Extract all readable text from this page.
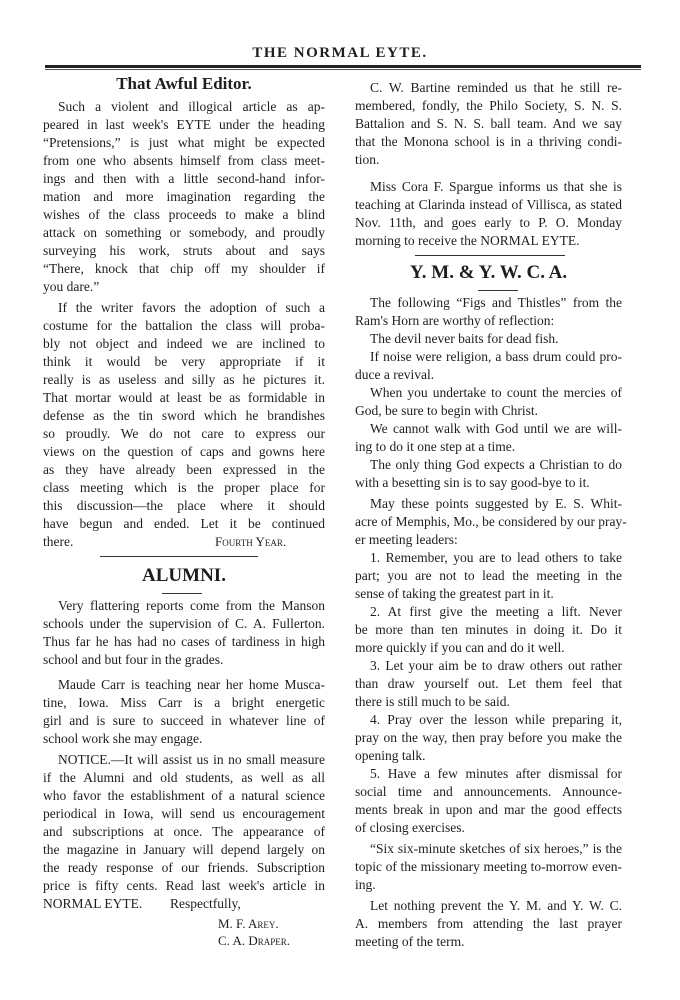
THE NORMAL EYTE.
That Awful Editor.
Such a violent and illogical article as ap-
peared in last week's EYTE under the heading
“Pretensions,” is just what might be expected
from one who absents himself from class meet-
ings and then with a little second-hand infor-
mation and more imagination regarding the
wishes of the class proceeds to make a blind
attack on something or somebody, and proudly
surveying his work, struts about and says
“There, knock that chip off my shoulder if
you dare.”
If the writer favors the adoption of such a
costume for the battalion the class will proba-
bly not object and indeed we are inclined to
think it would be very appropriate if it
really is as useless and silly as he pictures it.
That mortar would at least be as formidable in
defense as the tin sword which he brandishes
so proudly. We do not care to express our
views on the question of caps and gowns here
as they have already been expressed in the
class meeting which is the proper place for
this discussion—the place where it should
have begun and ended. Let it be continued
there.	Fourth Year.
ALUMNI.
Very flattering reports come from the Manson
schools under the supervision of C. A. Fullerton.
Thus far he has had no cases of tardiness in high
school and but four in the grades.
Maude Carr is teaching near her home Musca-
tine, Iowa. Miss Carr is a bright energetic
girl and is sure to succeed in whatever line of
school work she may engage.
NOTICE.—It will assist us in no small measure
if the Alumni and old students, as well as all
who favor the establishment of a natural science
periodical in Iowa, will send us encouragement
and subscriptions at once. The appearance of
the magazine in January will depend largely on
the ready response of our friends. Subscription
price is fifty cents. Read last week's article in
NORMAL EYTE.	Respectfully,
M. F. Arey.
C. A. Draper.
C. W. Bartine reminded us that he still re-
membered, fondly, the Philo Society, S. N. S.
Battalion and S. N. S. ball team. And we say
that the Monona school is in a thriving condi-
tion.
Miss Cora F. Spargue informs us that she is
teaching at Clarinda instead of Villisca, as stated
Nov. 11th, and goes early to P. O. Monday
morning to receive the NORMAL EYTE.
Y. M. & Y. W. C. A.
The following “Figs and Thistles” from the
Ram's Horn are worthy of reflection:
The devil never baits for dead fish.
If noise were religion, a bass drum could pro-
duce a revival.
When you undertake to count the mercies of
God, be sure to begin with Christ.
We cannot walk with God until we are will-
ing to do it one step at a time.
The only thing God expects a Christian to do
with a besetting sin is to say good-bye to it.
May these points suggested by E. S. Whit-
acre of Memphis, Mo., be considered by our pray-
er meeting leaders:
1. Remember, you are to lead others to take
part; you are not to lead the meeting in the
sense of taking the greatest part in it.
2. At first give the meeting a lift. Never
be more than ten minutes in doing it. Do it
more quickly if you can and do it well.
3. Let your aim be to draw others out rather
than draw yourself out. Let them feel that
there is still much to be said.
4. Pray over the lesson while preparing it,
pray on the way, then pray before you make the
opening talk.
5. Have a few minutes after dismissal for
social time and announcements. Announce-
ments break in upon and mar the good effects
of closing exercises.
“Six six-minute sketches of six heroes,” is the
topic of the missionary meeting to-morrow even-
ing.
Let nothing prevent the Y. M. and Y. W. C.
A. members from attending the last prayer
meeting of the term.
